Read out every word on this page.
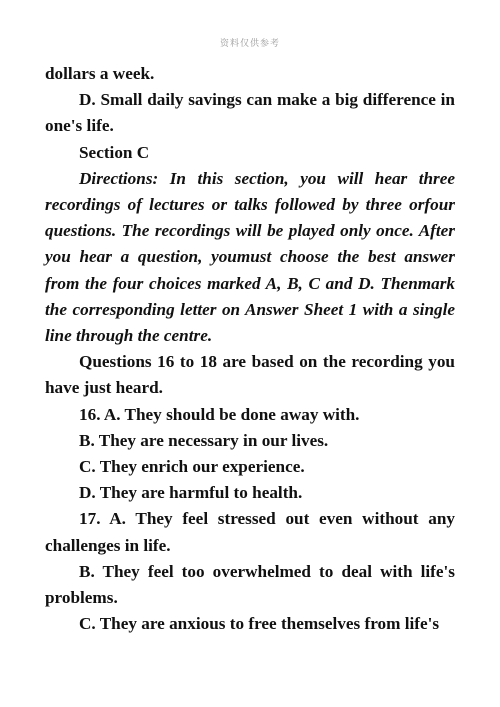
资料仅供参考

dollars a week.

D. Small daily savings can make a big difference in one's life.

Section C

Directions: In this section, you will hear three recordings of lectures or talks followed by three orfour questions. The recordings will be played only once. After you hear a question, youmust choose the best answer from the four choices marked A, B, C and D. Thenmark the corresponding letter on Answer Sheet 1 with a single line through the centre.

Questions 16 to 18 are based on the recording you have just heard.

16. A. They should be done away with.

B. They are necessary in our lives.

C. They enrich our experience.

D. They are harmful to health.

17. A. They feel stressed out even without any challenges in life.

B. They feel too overwhelmed to deal with life's problems.

C. They are anxious to free themselves from life's
